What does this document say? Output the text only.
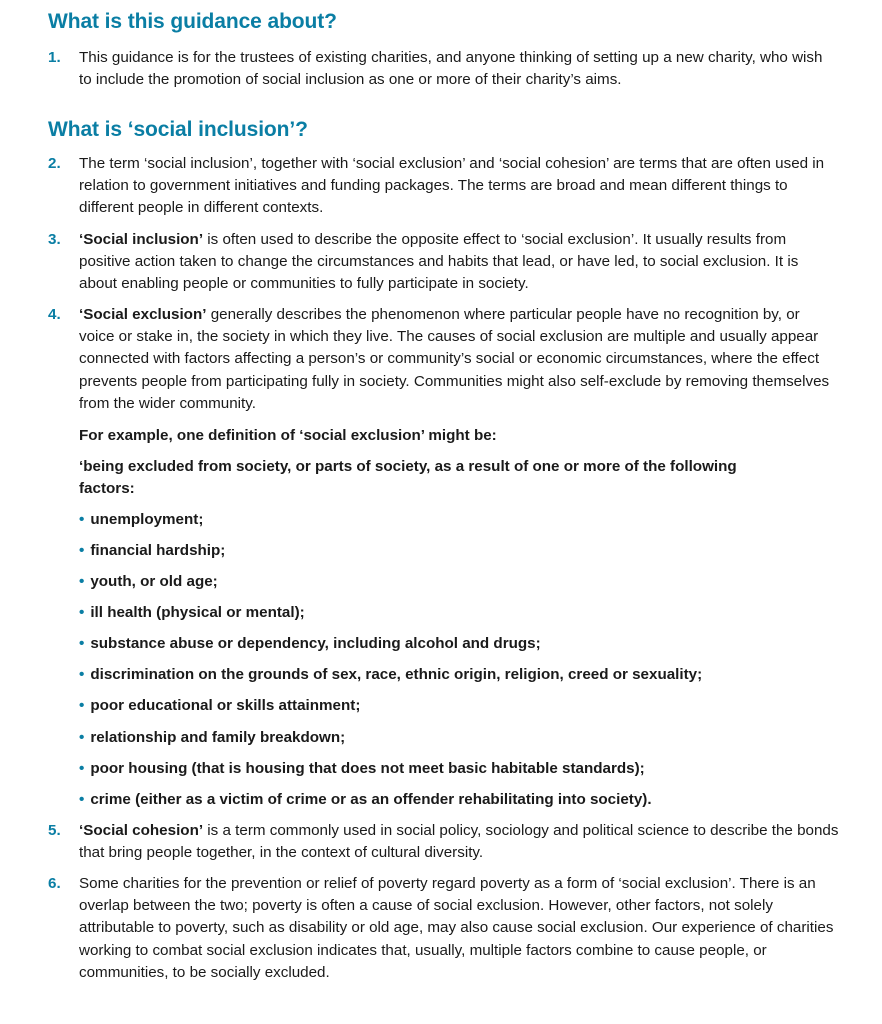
What is this guidance about?
1.	This guidance is for the trustees of existing charities, and anyone thinking of setting up a new charity, who wish to include the promotion of social inclusion as one or more of their charity’s aims.
What is ‘social inclusion’?
2.	The term ‘social inclusion’, together with ‘social exclusion’ and ‘social cohesion’ are terms that are often used in relation to government initiatives and funding packages. The terms are broad and mean different things to different people in different contexts.
3.	‘Social inclusion’ is often used to describe the opposite effect to ‘social exclusion’. It usually results from positive action taken to change the circumstances and habits that lead, or have led, to social exclusion. It is about enabling people or communities to fully participate in society.
4.	‘Social exclusion’ generally describes the phenomenon where particular people have no recognition by, or voice or stake in, the society in which they live. The causes of social exclusion are multiple and usually appear connected with factors affecting a person’s or community’s social or economic circumstances, where the effect prevents people from participating fully in society. Communities might also self-exclude by removing themselves from the wider community.
For example, one definition of ‘social exclusion’ might be:
‘being excluded from society, or parts of society, as a result of one or more of the following factors:
• unemployment;
• financial hardship;
• youth, or old age;
• ill health (physical or mental);
• substance abuse or dependency, including alcohol and drugs;
• discrimination on the grounds of sex, race, ethnic origin, religion, creed or sexuality;
• poor educational or skills attainment;
• relationship and family breakdown;
• poor housing (that is housing that does not meet basic habitable standards);
• crime (either as a victim of crime or as an offender rehabilitating into society).
5.	‘Social cohesion’ is a term commonly used in social policy, sociology and political science to describe the bonds that bring people together, in the context of cultural diversity.
6.	Some charities for the prevention or relief of poverty regard poverty as a form of ‘social exclusion’. There is an overlap between the two; poverty is often a cause of social exclusion. However, other factors, not solely attributable to poverty, such as disability or old age, may also cause social exclusion. Our experience of charities working to combat social exclusion indicates that, usually, multiple factors combine to cause people, or communities, to be socially excluded.
